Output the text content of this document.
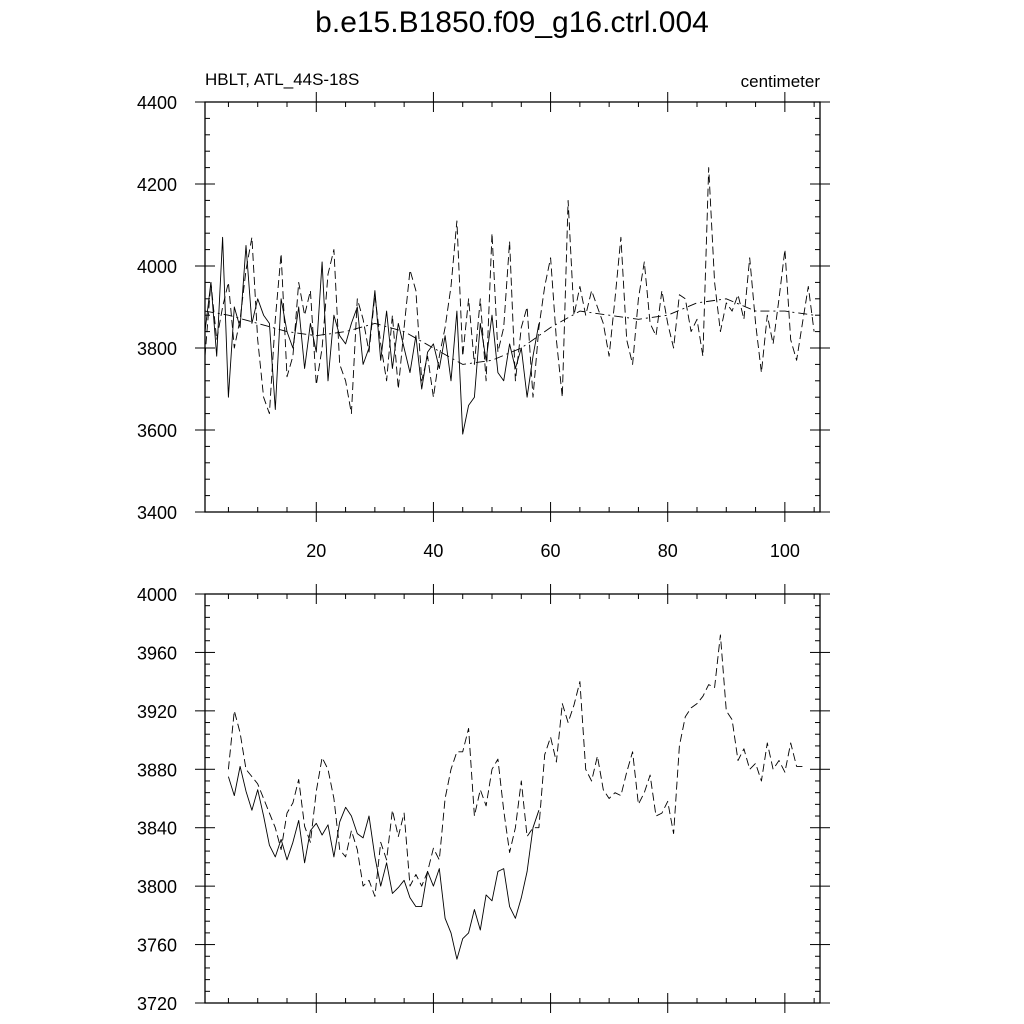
b.e15.B1850.f09_g16.ctrl.004
3400
3600
3800
4000
4200
4400
20	40	60	80	100
HBLT, ATL_44S-18S	centimeter
3720
3760
3800
3840
3880
3920
3960
4000
